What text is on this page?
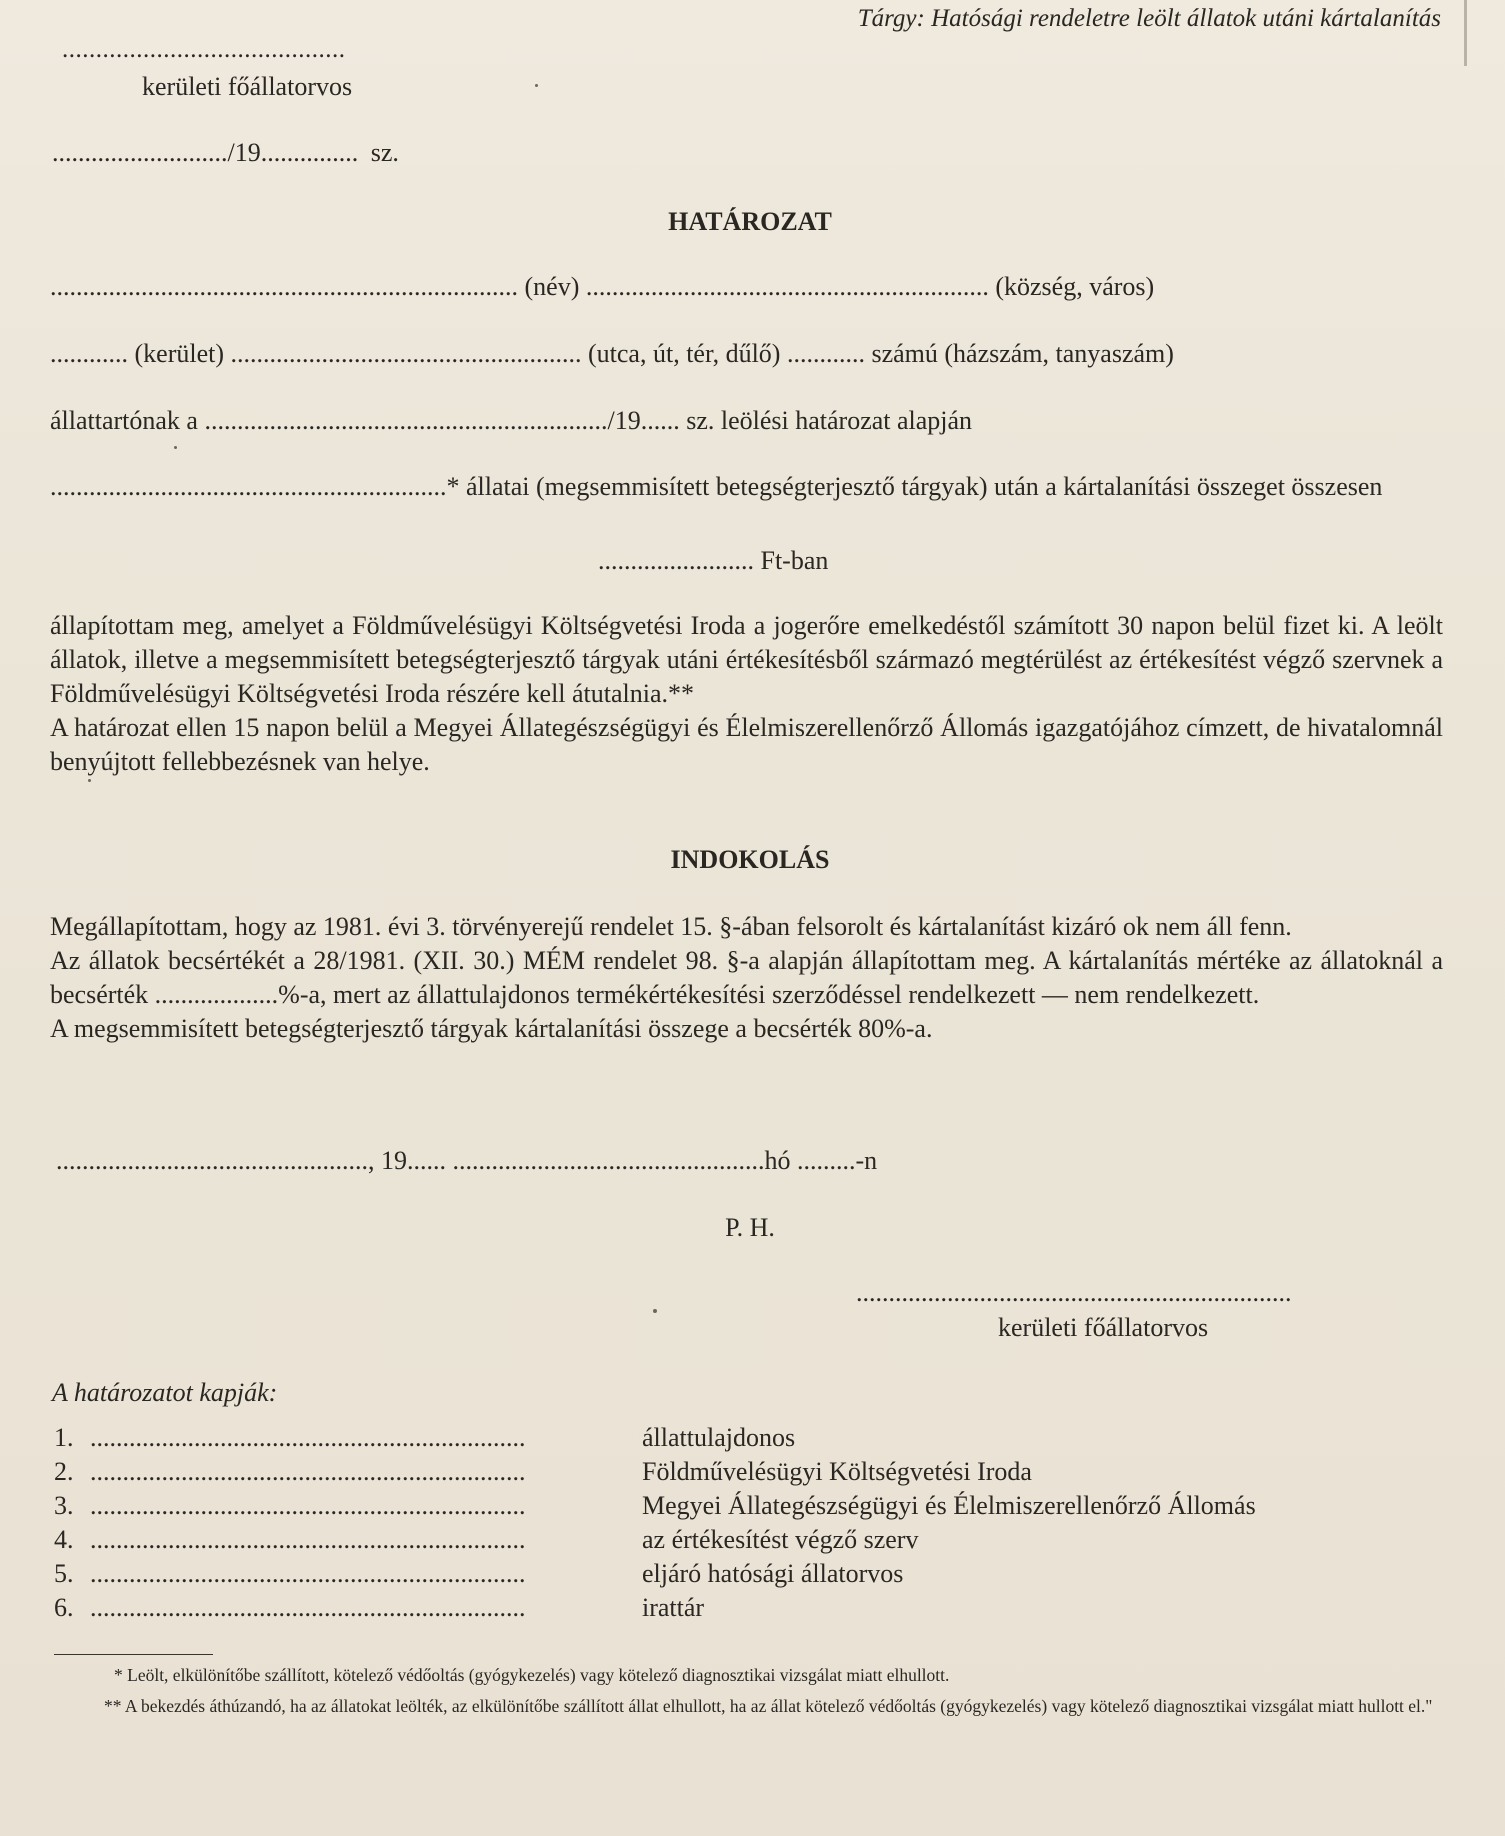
Tárgy: Hatósági rendeletre leölt állatok utáni kártalanítás
..........................................
kerületi főállatorvos
.........................../19............... sz.
HATÁROZAT
........................................................................ (név) .............................................................. (község, város)
............ (kerület) ...................................................... (utca, út, tér, dűlő) ............ számú (házszám, tanyaszám)
állattartónak a ............................................................../19...... sz. leölési határozat alapján

.............................................................* állatai (megsemmisített betegségterjesztő tárgyak) után a kártalanítási összeget összesen

........................ Ft-ban

állapítottam meg, amelyet a Földművelésügyi Költségvetési Iroda a jogerőre emelkedéstől számított 30 napon belül fizet ki. A leölt állatok, illetve a megsemmisített betegségterjesztő tárgyak utáni értékesítésből származó megtérülést az értékesítést végző szervnek a Földművelésügyi Költségvetési Iroda részére kell átutalnia.**

A határozat ellen 15 napon belül a Megyei Állategészségügyi és Élelmiszerellenőrző Állomás igazgatójához címzett, de hivatalomnál benyújtott fellebbezésnek van helye.

INDOKOLÁS

Megállapítottam, hogy az 1981. évi 3. törvényerejű rendelet 15. §-ában felsorolt és kártalanítást kizáró ok nem áll fenn.

Az állatok becsértékét a 28/1981. (XII. 30.) MÉM rendelet 98. §-a alapján állapítottam meg. A kártalanítás mértéke az állatoknál a becsérték ...................%-a, mert az állattulajdonos termékértékesítési szerződéssel rendelkezett — nem rendelkezett.

A megsemmisített betegségterjesztő tárgyak kártalanítási összege a becsérték 80%-a.

................................................, 19...... ................................................hó .........-n
P. H.
...................................................................
kerületi főállatorvos
A határozatot kapják:
1. ...................................................................	állattulajdonos
2. ...................................................................	Földművelésügyi Költségvetési Iroda
3. ...................................................................	Megyei Állategészségügyi és Élelmiszerellenőrző Állomás
4. ...................................................................	az értékesítést végző szerv
5. ...................................................................	eljáró hatósági állatorvos
6. ...................................................................	irattár

* Leölt, elkülönítőbe szállított, kötelező védőoltás (gyógykezelés) vagy kötelező diagnosztikai vizsgálat miatt elhullott.

** A bekezdés áthúzandó, ha az állatokat leölték, az elkülönítőbe szállított állat elhullott, ha az állat kötelező védőoltás (gyógykezelés) vagy kötelező diagnosztikai vizsgálat miatt hullott el."
